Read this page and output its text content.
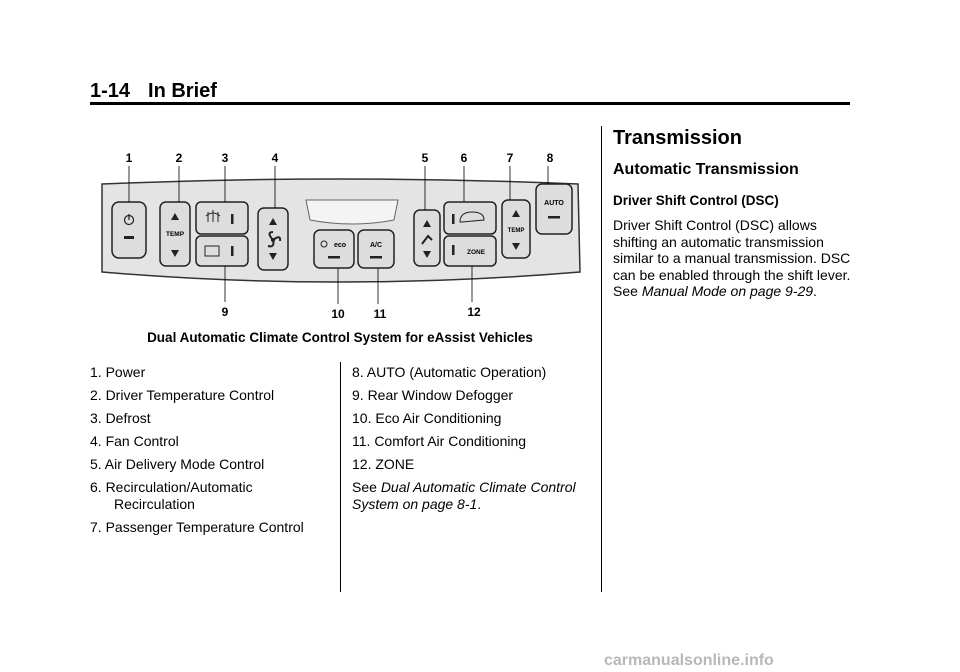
1-14 In Brief
TEMP
eco	A/C
ZONE
TEMP
AUTO
1	2	3	4	5	6	7	8
9	10 11	12
Dual Automatic Climate Control System for eAssist Vehicles
1. Power
2. Driver Temperature Control
3. Defrost
4. Fan Control
5. Air Delivery Mode Control
6. Recirculation/Automatic Recirculation
7. Passenger Temperature Control
8. AUTO (Automatic Operation)
9. Rear Window Defogger
10. Eco Air Conditioning
11. Comfort Air Conditioning
12. ZONE

See Dual Automatic Climate Control System on page 8-1.

Transmission
Automatic Transmission
Driver Shift Control (DSC)

Driver Shift Control (DSC) allows shifting an automatic transmission similar to a manual transmission. DSC can be enabled through the shift lever. See Manual Mode on page 9-29.

carmanualsonline.info
